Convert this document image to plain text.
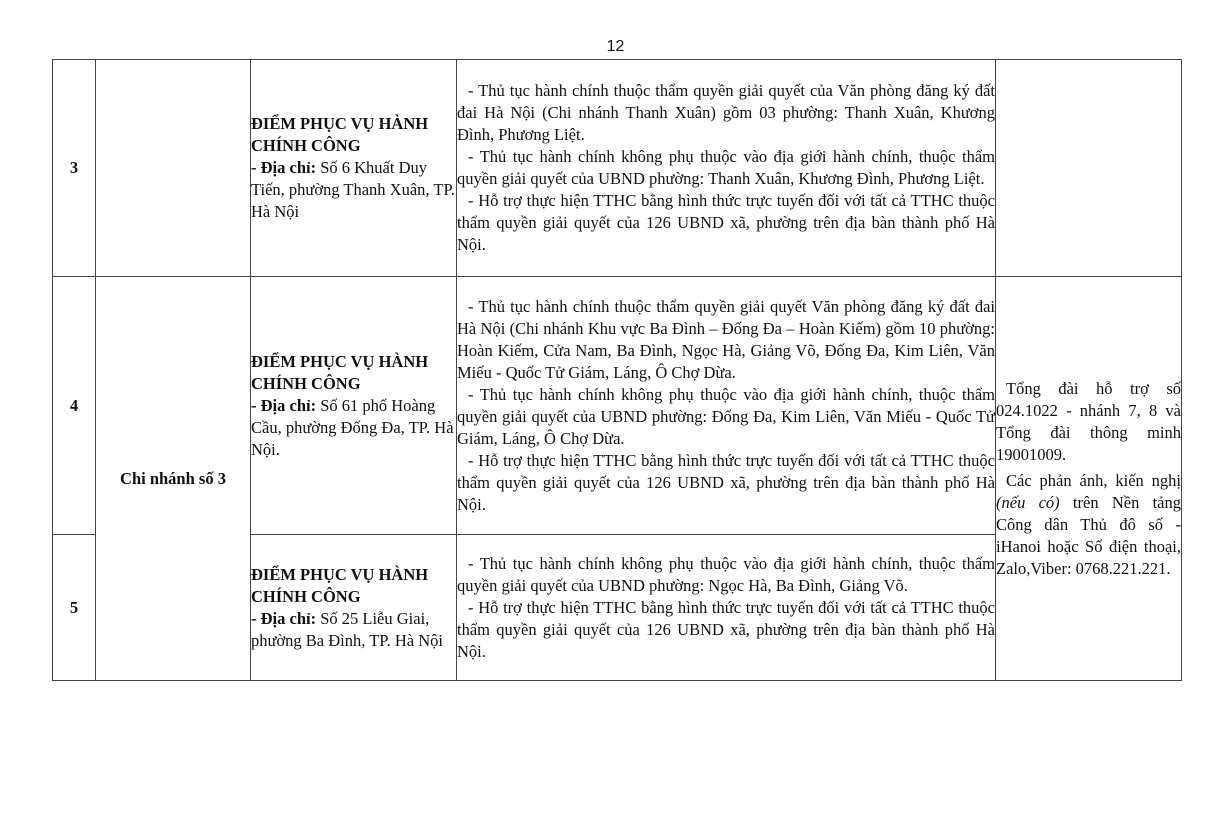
12
3		ĐIỂM PHỤC VỤ HÀNH CHÍNH CÔNG
- Địa chỉ: Số 6 Khuất Duy Tiến, phường Thanh Xuân, TP. Hà Nội	- Thủ tục hành chính thuộc thẩm quyền giải quyết của Văn phòng đăng ký đất đai Hà Nội (Chi nhánh Thanh Xuân) gồm 03 phường: Thanh Xuân, Khương Đình, Phương Liệt.
- Thủ tục hành chính không phụ thuộc vào địa giới hành chính, thuộc thẩm quyền giải quyết của UBND phường: Thanh Xuân, Khương Đình, Phương Liệt.
- Hỗ trợ thực hiện TTHC bằng hình thức trực tuyến đối với tất cả TTHC thuộc thẩm quyền giải quyết của 126 UBND xã, phường trên địa bàn thành phố Hà Nội.	

4	Chi nhánh số 3	ĐIỂM PHỤC VỤ HÀNH CHÍNH CÔNG
- Địa chỉ: Số 61 phố Hoàng Cầu, phường Đống Đa, TP. Hà Nội.	- Thủ tục hành chính thuộc thẩm quyền giải quyết Văn phòng đăng ký đất đai Hà Nội (Chi nhánh Khu vực Ba Đình – Đống Đa – Hoàn Kiếm) gồm 10 phường: Hoàn Kiếm, Cửa Nam, Ba Đình, Ngọc Hà, Giảng Võ, Đống Đa, Kim Liên, Văn Miếu - Quốc Tử Giám, Láng, Ô Chợ Dừa.
- Thủ tục hành chính không phụ thuộc vào địa giới hành chính, thuộc thẩm quyền giải quyết của UBND phường: Đống Đa, Kim Liên, Văn Miếu - Quốc Tử Giám, Láng, Ô Chợ Dừa.
- Hỗ trợ thực hiện TTHC bằng hình thức trực tuyến đối với tất cả TTHC thuộc thẩm quyền giải quyết của 126 UBND xã, phường trên địa bàn thành phố Hà Nội.	Tổng đài hỗ trợ số 024.1022 - nhánh 7, 8 và Tổng đài thông minh 19001009.
Các phản ánh, kiến nghị (nếu có) trên Nền tảng Công dân Thủ đô số - iHanoi hoặc Số điện thoại, Zalo,Viber: 0768.221.221.

5		ĐIỂM PHỤC VỤ HÀNH CHÍNH CÔNG
- Địa chỉ: Số 25 Liễu Giai, phường Ba Đình, TP. Hà Nội	- Thủ tục hành chính không phụ thuộc vào địa giới hành chính, thuộc thẩm quyền giải quyết của UBND phường: Ngọc Hà, Ba Đình, Giảng Võ.
- Hỗ trợ thực hiện TTHC bằng hình thức trực tuyến đối với tất cả TTHC thuộc thẩm quyền giải quyết của 126 UBND xã, phường trên địa bàn thành phố Hà Nội.	
